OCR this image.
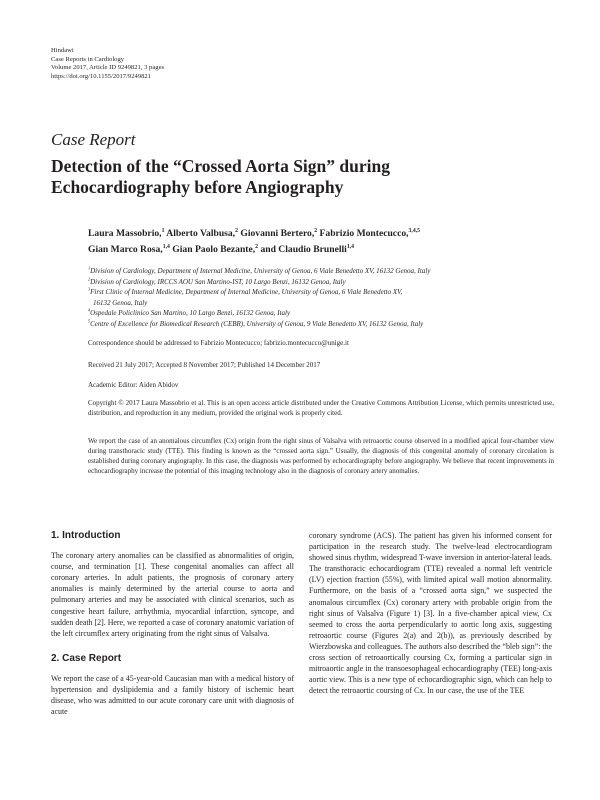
Hindawi
Case Reports in Cardiology
Volume 2017, Article ID 9249821, 3 pages
https://doi.org/10.1155/2017/9249821
Case Report
Detection of the “Crossed Aorta Sign” during
Echocardiography before Angiography
Laura Massobrio,$^1$ Alberto Valbusa,$^2$ Giovanni Bertero,$^2$ Fabrizio Montecucco,$^{3,4,5}$
Gian Marco Rosa,$^{1,4}$ Gian Paolo Bezante,$^2$ and Claudio Brunelli$^{1,4}$
$^1$Division of Cardiology, Department of Internal Medicine, University of Genoa, 6 Viale Benedetto XV, 16132 Genoa, Italy
$^2$Division of Cardiology, IRCCS AOU San Martino-IST, 10 Largo Benzi, 16132 Genoa, Italy
$^3$First Clinic of Internal Medicine, Department of Internal Medicine, University of Genoa, 6 Viale Benedetto XV,
16132 Genoa, Italy
$^4$Ospedale Policlinico San Martino, 10 Largo Benzi, 16132 Genoa, Italy
$^5$Centre of Excellence for Biomedical Research (CEBR), University of Genoa, 9 Viale Benedetto XV, 16132 Genoa, Italy
Correspondence should be addressed to Fabrizio Montecucco; fabrizio.montecucco@unige.it
Received 21 July 2017; Accepted 8 November 2017; Published 14 December 2017
Academic Editor: Aiden Abidov
Copyright © 2017 Laura Massobrio et al. This is an open access article distributed under the Creative Commons Attribution License, which permits unrestricted use, distribution, and reproduction in any medium, provided the original work is properly cited.
We report the case of an anomalous circumflex (Cx) origin from the right sinus of Valsalva with retroaortic course observed in a modified apical four-chamber view during transthoracic study (TTE). This finding is known as the “crossed aorta sign.” Usually, the diagnosis of this congenital anomaly of coronary circulation is established during coronary angiography. In this case, the diagnosis was performed by echocardiography before angiography. We believe that recent improvements in echocardiography increase the potential of this imaging technology also in the diagnosis of coronary artery anomalies.
1. Introduction

The coronary artery anomalies can be classified as abnormalities of origin, course, and termination [1]. These congenital anomalies can affect all coronary arteries. In adult patients, the prognosis of coronary artery anomalies is mainly determined by the arterial course to aorta and pulmonary arteries and may be associated with clinical scenarios, such as congestive heart failure, arrhythmia, myocardial infarction, syncope, and sudden death [2]. Here, we reported a case of coronary anatomic variation of the left circumflex artery originating from the right sinus of Valsalva.

2. Case Report

We report the case of a 45-year-old Caucasian man with a medical history of hypertension and dyslipidemia and a family history of ischemic heart disease, who was admitted to our acute coronary care unit with diagnosis of acute

coronary syndrome (ACS). The patient has given his informed consent for participation in the research study. The twelve-lead electrocardiogram showed sinus rhythm, widespread T-wave inversion in anterior-lateral leads. The transthoracic echocardiogram (TTE) revealed a normal left ventricle (LV) ejection fraction (55%), with limited apical wall motion abnormality. Furthermore, on the basis of a “crossed aorta sign,” we suspected the anomalous circumflex (Cx) coronary artery with probable origin from the right sinus of Valsalva (Figure 1) [3]. In a five-chamber apical view, Cx seemed to cross the aorta perpendicularly to aortic long axis, suggesting retroaortic course (Figures 2(a) and 2(b)), as previously described by Wierzbowska and colleagues. The authors also described the “bleb sign”: the cross section of retroaortically coursing Cx, forming a particular sign in mitroaortic angle in the transoesophageal echocardiography (TEE) long-axis aortic view. This is a new type of echocardiographic sign, which can help to detect the retroaortic coursing of Cx. In our case, the use of the TEE
